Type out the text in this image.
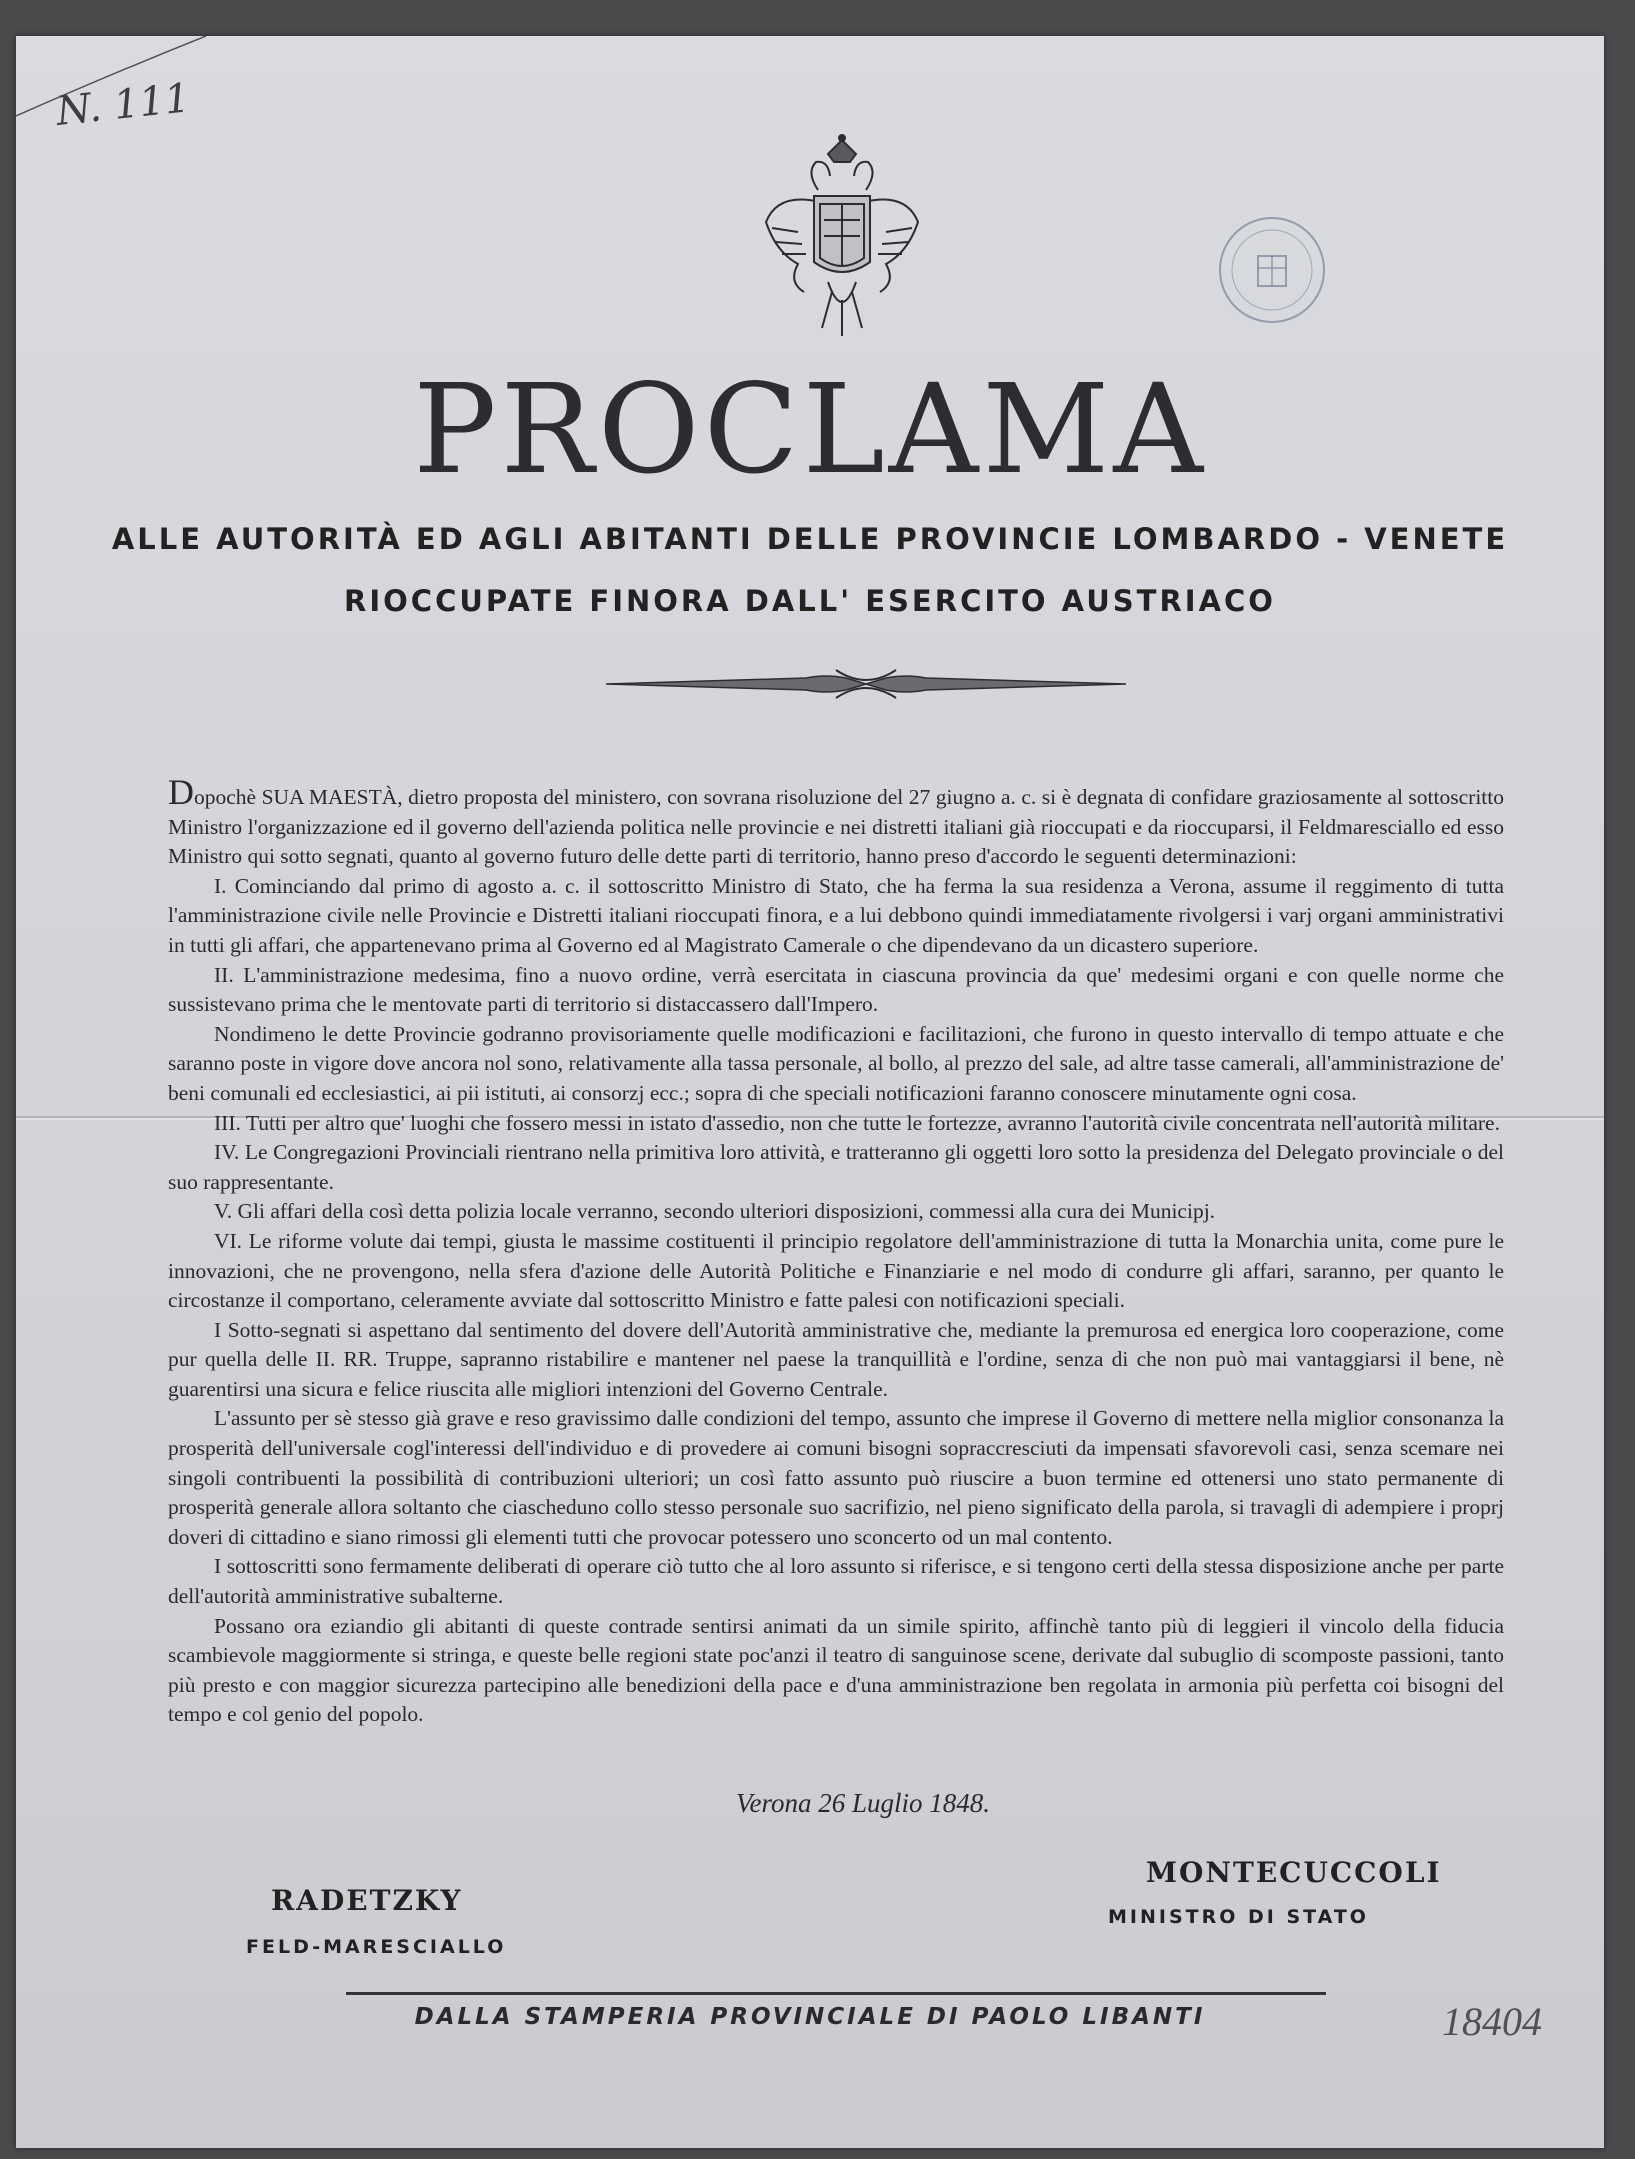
N. 111
PROCLAMA
ALLE AUTORITÀ ED AGLI ABITANTI DELLE PROVINCIE LOMBARDO - VENETE
RIOCCUPATE FINORA DALL' ESERCITO AUSTRIACO

Dopochè SUA MAESTÀ, dietro proposta del ministero, con sovrana risoluzione del 27 giugno a. c. si è degnata di confidare graziosamente al sottoscritto Ministro l'organizzazione ed il governo dell'azienda politica nelle provincie e nei distretti italiani già rioccupati e da rioccuparsi, il Feldmaresciallo ed esso Ministro qui sotto segnati, quanto al governo futuro delle dette parti di territorio, hanno preso d'accordo le seguenti determinazioni:

I. Cominciando dal primo di agosto a. c. il sottoscritto Ministro di Stato, che ha ferma la sua residenza a Verona, assume il reggimento di tutta l'amministrazione civile nelle Provincie e Distretti italiani rioccupati finora, e a lui debbono quindi immediatamente rivolgersi i varj organi amministrativi in tutti gli affari, che appartenevano prima al Governo ed al Magistrato Camerale o che dipendevano da un dicastero superiore.

II. L'amministrazione medesima, fino a nuovo ordine, verrà esercitata in ciascuna provincia da que' medesimi organi e con quelle norme che sussistevano prima che le mentovate parti di territorio si distaccassero dall'Impero.

Nondimeno le dette Provincie godranno provisoriamente quelle modificazioni e facilitazioni, che furono in questo intervallo di tempo attuate e che saranno poste in vigore dove ancora nol sono, relativamente alla tassa personale, al bollo, al prezzo del sale, ad altre tasse camerali, all'amministrazione de' beni comunali ed ecclesiastici, ai pii istituti, ai consorzj ecc.; sopra di che speciali notificazioni faranno conoscere minutamente ogni cosa.

III. Tutti per altro que' luoghi che fossero messi in istato d'assedio, non che tutte le fortezze, avranno l'autorità civile concentrata nell'autorità militare.

IV. Le Congregazioni Provinciali rientrano nella primitiva loro attività, e tratteranno gli oggetti loro sotto la presidenza del Delegato provinciale o del suo rappresentante.

V. Gli affari della così detta polizia locale verranno, secondo ulteriori disposizioni, commessi alla cura dei Municipj.

VI. Le riforme volute dai tempi, giusta le massime costituenti il principio regolatore dell'amministrazione di tutta la Monarchia unita, come pure le innovazioni, che ne provengono, nella sfera d'azione delle Autorità Politiche e Finanziarie e nel modo di condurre gli affari, saranno, per quanto le circostanze il comportano, celeramente avviate dal sottoscritto Ministro e fatte palesi con notificazioni speciali.

I Sotto-segnati si aspettano dal sentimento del dovere dell'Autorità amministrative che, mediante la premurosa ed energica loro cooperazione, come pur quella delle II. RR. Truppe, sapranno ristabilire e mantener nel paese la tranquillità e l'ordine, senza di che non può mai vantaggiarsi il bene, nè guarentirsi una sicura e felice riuscita alle migliori intenzioni del Governo Centrale.

L'assunto per sè stesso già grave e reso gravissimo dalle condizioni del tempo, assunto che impresе il Governo di mettere nella miglior consonanza la prosperità dell'universale cogl'interessi dell'individuo e di provedere ai comuni bisogni sopraccresciuti da impensati sfavorevoli casi, senza scemare nei singoli contribuenti la possibilità di contribuzioni ulteriori; un così fatto assunto può riuscire a buon termine ed ottenersi uno stato permanente di prosperità generale allora soltanto che ciascheduno collo stesso personale suo sacrifizio, nel pieno significato della parola, si travagli di adempiere i proprj doveri di cittadino e siano rimossi gli elementi tutti che provocar potessero uno sconcerto od un mal contento.

I sottoscritti sono fermamente deliberati di operare ciò tutto che al loro assunto si riferisce, e si tengono certi della stessa disposizione anche per parte dell'autorità amministrative subalterne.

Possano ora eziandio gli abitanti di queste contrade sentirsi animati da un simile spirito, affinchè tanto più di leggieri il vincolo della fiducia scambievole maggiormente si stringa, e queste belle regioni state poc'anzi il teatro di sanguinose scene, derivate dal subuglio di scomposte passioni, tanto più presto e con maggior sicurezza partecipino alle benedizioni della pace e d'una amministrazione ben regolata in armonia più perfetta coi bisogni del tempo e col genio del popolo.

Verona 26 Luglio 1848.
RADETZKY
FELD-MARESCIALLO
MONTECUCCOLI
MINISTRO DI STATO
DALLA STAMPERIA PROVINCIALE DI PAOLO LIBANTI	18404
